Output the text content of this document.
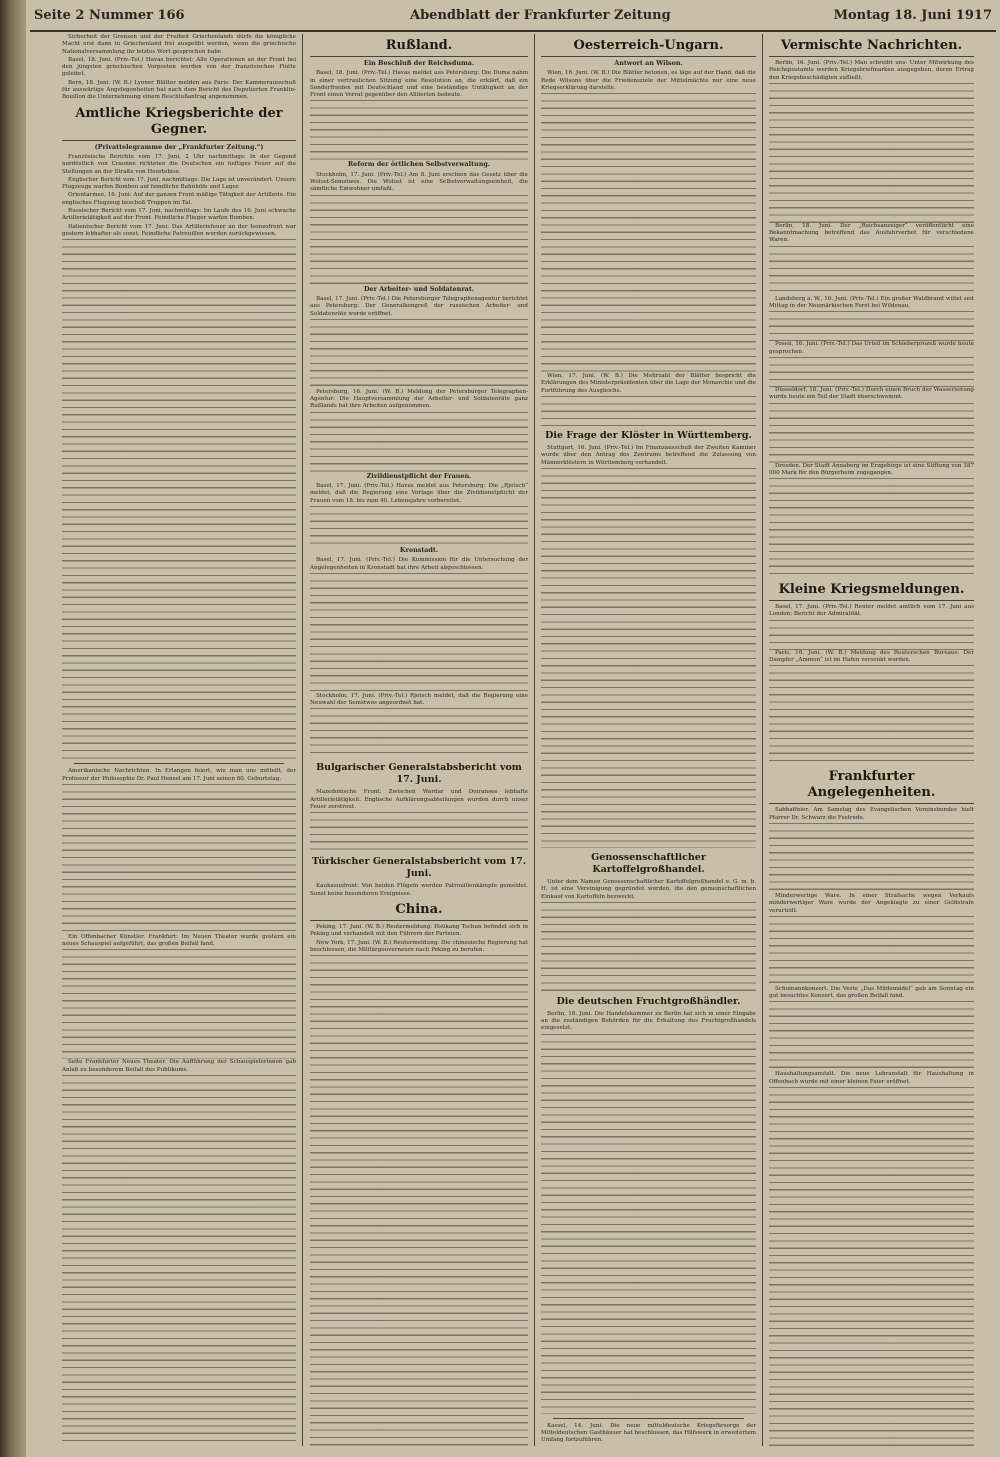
Seite 2 Nummer 166	Abendblatt der Frankfurter Zeitung	Montag 18. Juni 1917

Sicherheit der Grenzen und der Freiheit Griechenlands dürfe die königliche Macht erst dann in Griechenland frei ausgeübt werden, wenn die griechische Nationalversammlung ihr letztes Wort gesprochen habe.

Basel, 18. Juni. (Priv.-Tel.) Havas berichtet: Alle Operationen an der Front bei den jüngsten griechischen Vorposten werden von der französischen Flotte geleitet.

Bern, 18. Juni. (W. B.) Lyoner Blätter melden aus Paris: Der Kammerausschuß für auswärtige Angelegenheiten hat nach dem Bericht des Deputierten Franklin-Bouillon die Unternehmung einem Beschlußantrag angenommen.

Amtliche Kriegsberichte der Gegner.
(Privattelegramme der „Frankfurter Zeitung.“)

Französische Berichte vom 17. Juni, 2 Uhr nachmittags: In der Gegend nordöstlich von Craonne richteten die Deutschen ein heftiges Feuer auf die Stellungen an der Straße von Heurtebise.

Englischer Bericht vom 17. Juni, nachmittags: Die Lage ist unverändert. Unsere Flugzeuge warfen Bomben auf feindliche Bahnhöfe und Lager.

Orientarmee, 16. Juni: Auf der ganzen Front mäßige Tätigkeit der Artillerie. Ein englisches Flugzeug beschoß Truppen im Tal.

Russischer Bericht vom 17. Juni, nachmittags: Im Laufe des 16. Juni schwache Artillerietätigkeit auf der Front. Feindliche Flieger warfen Bomben.

Italienischer Bericht vom 17. Juni: Das Artilleriefeuer an der Isonzofront war gestern lebhafter als sonst. Feindliche Patrouillen wurden zurückgewiesen.

Amerikanische Nachrichten. In Erlangen feiert, wie man uns mitteilt, der Professor der Philosophie Dr. Paul Hensel am 17. Juni seinen 60. Geburtstag.

Ein Offenbacher Künstler. Frankfurt: Im Neuen Theater wurde gestern ein neues Schauspiel aufgeführt, das großen Beifall fand.

Seite Frankfurter Neues Theater. Die Aufführung der Schauspielerinnen gab Anlaß zu besonderem Beifall des Publikums.

Rußland.
Ein Beschluß der Reichsduma.

Basel, 18. Juni. (Priv.-Tel.) Havas meldet aus Petersburg: Die Duma nahm in einer vertraulichen Sitzung eine Resolution an, die erklärt, daß ein Sonderfrieden mit Deutschland und eine beständige Untätigkeit an der Front einen Verrat gegenüber den Alliierten bedeute.

Reform der örtlichen Selbstverwaltung.

Stockholm, 17. Juni. (Priv.-Tel.) Am 8. Juni erschien das Gesetz über die Wolost-Semstwos. Die Wolost ist eine Selbstverwaltungseinheit, die sämtliche Einwohner umfaßt.

Der Arbeiter- und Soldatenrat.

Basel, 17. Juni. (Priv.-Tel.) Die Petersburger Telegraphenagentur berichtet aus Petersburg: Der Generalkongreß der russischen Arbeiter- und Soldatenräte wurde eröffnet.

Petersburg, 16. Juni. (W. B.) Meldung der Petersburger Telegraphen-Agentur: Die Hauptversammlung der Arbeiter- und Soldatenräte ganz Rußlands hat ihre Arbeiten aufgenommen.

Zivildienstpflicht der Frauen.

Basel, 17. Juni. (Priv.-Tel.) Havas meldet aus Petersburg: Die „Rjetsch“ meldet, daß die Regierung eine Vorlage über die Zivildienstpflicht der Frauen vom 18. bis zum 40. Lebensjahre vorbereitet.

Kronstadt.

Basel, 17. Juni. (Priv.-Tel.) Die Kommission für die Untersuchung der Angelegenheiten in Kronstadt hat ihre Arbeit abgeschlossen.

Stockholm, 17. Juni. (Priv.-Tel.) Rjetsch meldet, daß die Regierung eine Neuwahl der Semstwos angeordnet hat.

Bulgarischer Generalstabsbericht vom 17. Juni.

Mazedonische Front: Zwischen Wardar und Doiransee lebhafte Artillerietätigkeit. Englische Aufklärungsabteilungen wurden durch unser Feuer zerstreut.

Türkischer Generalstabsbericht vom 17. Juni.

Kaukasusfront: Von beiden Flügeln werden Patrouillenkämpfe gemeldet. Sonst keine besonderen Ereignisse.

China.

Peking, 17. Juni. (W. B.) Reutermeldung: Hsükang Tschun befindet sich in Peking und verhandelt mit den Führern der Parteien.

New York, 17. Juni. (W. B.) Reutermeldung: Die chinesische Regierung hat beschlossen, die Militärgouverneure nach Peking zu berufen.

Oesterreich-Ungarn.
Antwort an Wilson.

Wien, 16. Juni. (W. B.) Die Blätter betonen, es läge auf der Hand, daß die Rede Wilsons über die Friedensziele der Mittelmächte nur eine neue Kriegserklärung darstelle.

Wien, 17. Juni. (W. B.) Die Mehrzahl der Blätter bespricht die Erklärungen des Ministerpräsidenten über die Lage der Monarchie und die Fortführung des Ausgleichs.

Die Frage der Klöster in Württemberg.

Stuttgart, 16. Juni. (Priv.-Tel.) Im Finanzausschuß der Zweiten Kammer wurde über den Antrag des Zentrums betreffend die Zulassung von Männerklöstern in Württemberg verhandelt.

Genossenschaftlicher Kartoffelgroßhandel.

Unter dem Namen Genossenschaftlicher Kartoffelgroßhandel e. G. m. b. H. ist eine Vereinigung gegründet worden, die den gemeinschaftlichen Einkauf von Kartoffeln bezweckt.

Die deutschen Fruchtgroßhändler.

Berlin, 18. Juni. Die Handelskammer zu Berlin hat sich in einer Eingabe an die zuständigen Behörden für die Erhaltung des Fruchtgroßhandels eingesetzt.

Kassel, 14. Juni. Die neue mitteldeutsche Kriegsfürsorge der Mitteldeutschen Gasthäuser hat beschlossen, das Hilfswerk in erweitertem Umfang fortzuführen.

Vermischte Nachrichten.

Berlin, 16. Juni. (Priv.-Tel.) Man schreibt uns: Unter Mitwirkung des Reichspostamts werden Kriegsbriefmarken ausgegeben, deren Ertrag den Kriegsbeschädigten zufließt.

Berlin, 18. Juni. Der „Reichsanzeiger“ veröffentlicht eine Bekanntmachung betreffend das Ausfuhrverbot für verschiedene Waren.

Landsberg a. W., 16. Juni. (Priv.-Tel.) Ein großer Waldbrand wütet seit Mittag in der Neumärkischen Forst bei Wildenau.

Posen, 16. Juni. (Priv.-Tel.) Das Urteil im Schieberprozeß wurde heute gesprochen.

Düsseldorf, 18. Juni. (Priv.-Tel.) Durch einen Bruch der Wasserleitung wurde heute ein Teil der Stadt überschwemmt.

Dresden. Der Stadt Annaberg im Erzgebirge ist eine Stiftung von 187 000 Mark für den Bürgerheim zugegangen.

Kleine Kriegsmeldungen.

Basel, 17. Juni. (Priv.-Tel.) Reuter meldet amtlich vom 17. Juni aus London: Bericht der Admiralität.

Paris, 16. Juni. (W. B.) Meldung des Reuterschen Bureaus: Der Dampfer „Ammon“ ist im Hafen versenkt worden.

Frankfurter Angelegenheiten.

Sabbatfeier. Am Samstag des Evangelischen Vereinsbundes hielt Pfarrer Dr. Schwarz die Festrede.

Minderwertige Ware. In einer Strafsache wegen Verkaufs minderwertiger Ware wurde der Angeklagte zu einer Geldstrafe verurteilt.

Schumannkonzert. Die Veste „Das Mildemädel“ gab am Sonntag ein gut besuchtes Konzert, das großen Beifall fand.

Haushaltungsanstalt. Die neue Lehranstalt für Haushaltung in Offenbach wurde mit einer kleinen Feier eröffnet.
